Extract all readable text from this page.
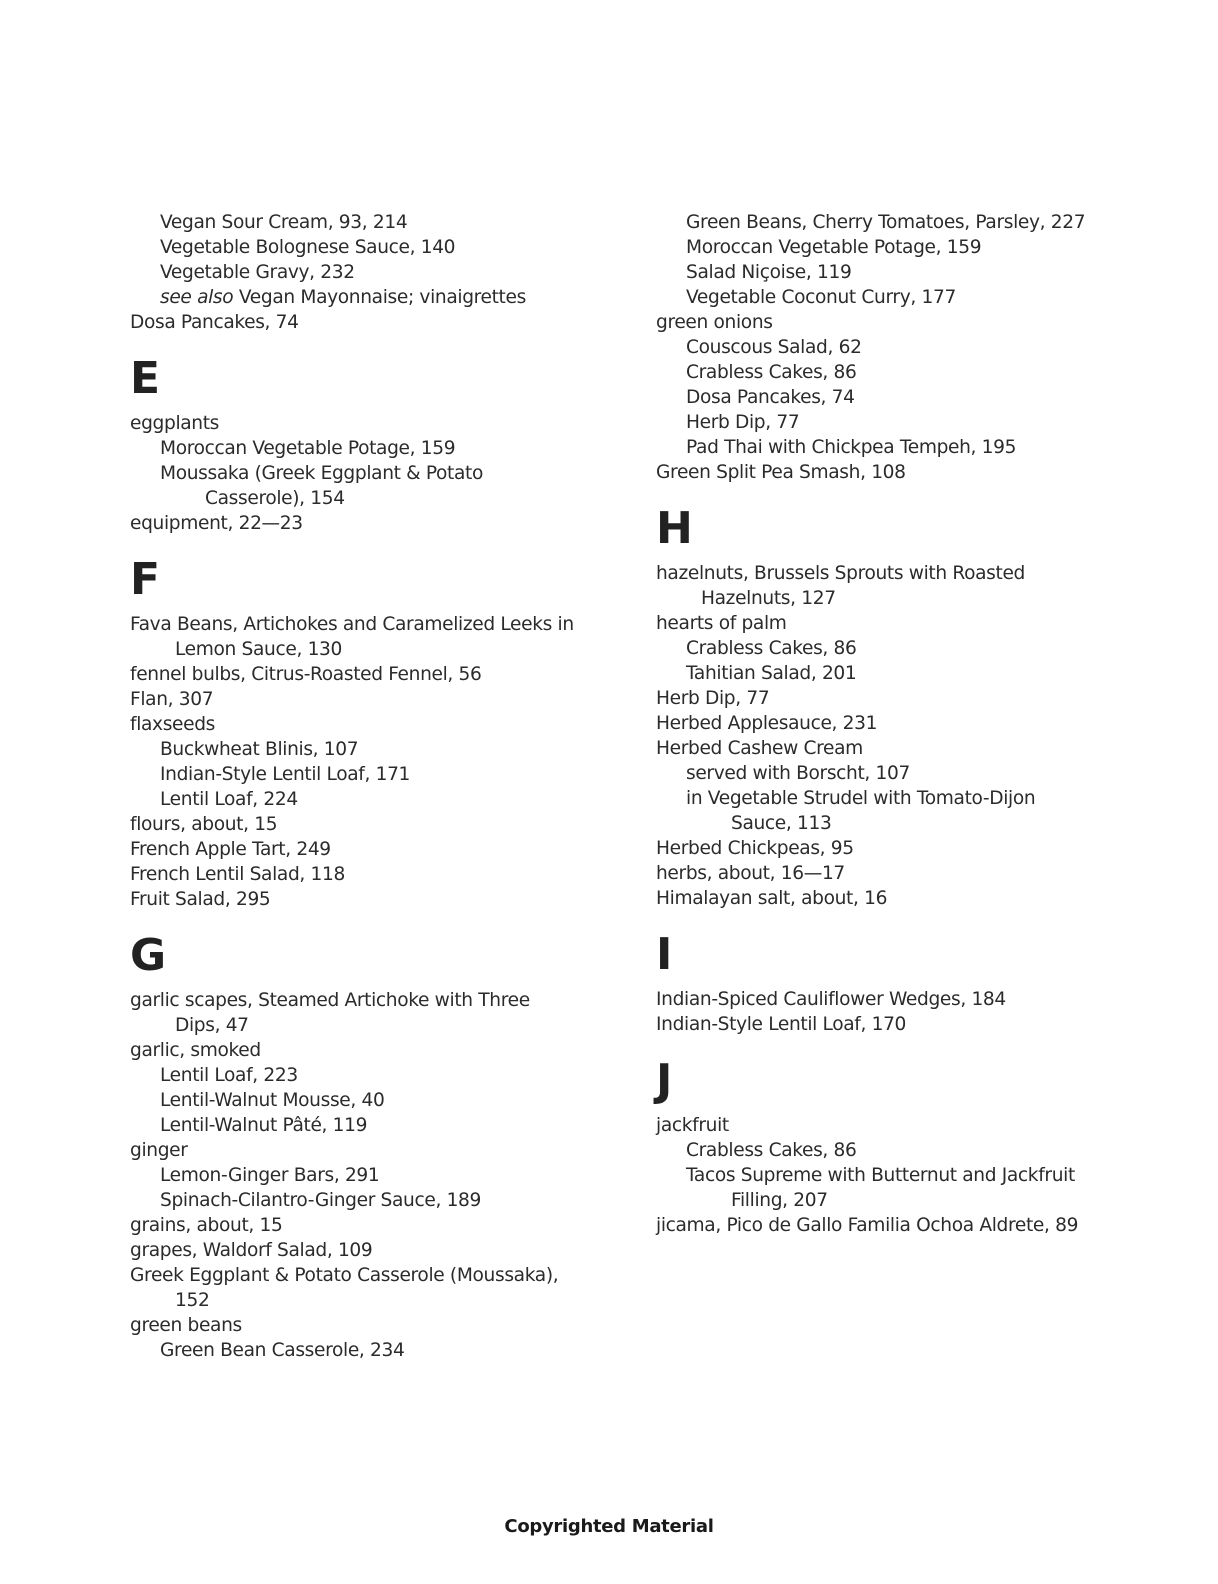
Vegan Sour Cream, 93, 214
Vegetable Bolognese Sauce, 140
Vegetable Gravy, 232
see also Vegan Mayonnaise; vinaigrettes
Dosa Pancakes, 74
E
eggplants
Moroccan Vegetable Potage, 159
Moussaka (Greek Eggplant & Potato
Casserole), 154
equipment, 22—23
F
Fava Beans, Artichokes and Caramelized Leeks in
Lemon Sauce, 130
fennel bulbs, Citrus-Roasted Fennel, 56
Flan, 307
flaxseeds
Buckwheat Blinis, 107
Indian-Style Lentil Loaf, 171
Lentil Loaf, 224
flours, about, 15
French Apple Tart, 249
French Lentil Salad, 118
Fruit Salad, 295
G
garlic scapes, Steamed Artichoke with Three
Dips, 47
garlic, smoked
Lentil Loaf, 223
Lentil-Walnut Mousse, 40
Lentil-Walnut Pâté, 119
ginger
Lemon-Ginger Bars, 291
Spinach-Cilantro-Ginger Sauce, 189
grains, about, 15
grapes, Waldorf Salad, 109
Greek Eggplant & Potato Casserole (Moussaka),
152
green beans
Green Bean Casserole, 234
Green Beans, Cherry Tomatoes, Parsley, 227
Moroccan Vegetable Potage, 159
Salad Niçoise, 119
Vegetable Coconut Curry, 177
green onions
Couscous Salad, 62
Crabless Cakes, 86
Dosa Pancakes, 74
Herb Dip, 77
Pad Thai with Chickpea Tempeh, 195
Green Split Pea Smash, 108
H
hazelnuts, Brussels Sprouts with Roasted
Hazelnuts, 127
hearts of palm
Crabless Cakes, 86
Tahitian Salad, 201
Herb Dip, 77
Herbed Applesauce, 231
Herbed Cashew Cream
served with Borscht, 107
in Vegetable Strudel with Tomato-Dijon
Sauce, 113
Herbed Chickpeas, 95
herbs, about, 16—17
Himalayan salt, about, 16
I
Indian-Spiced Cauliflower Wedges, 184
Indian-Style Lentil Loaf, 170
J
jackfruit
Crabless Cakes, 86
Tacos Supreme with Butternut and Jackfruit
Filling, 207
jicama, Pico de Gallo Familia Ochoa Aldrete, 89
Copyrighted Material
